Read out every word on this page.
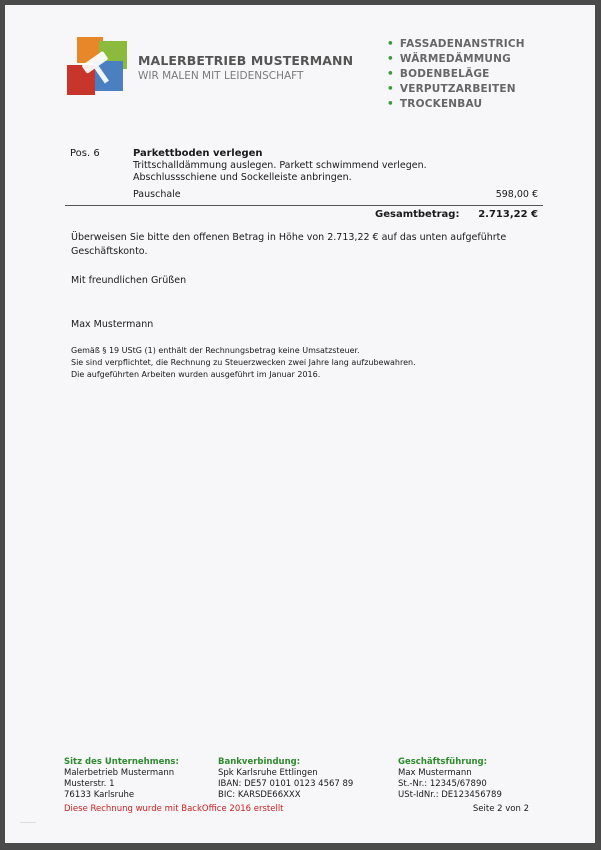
MALERBETRIEB MUSTERMANN
WIR MALEN MIT LEIDENSCHAFT
• FASSADENANSTRICH
• WÄRMEDÄMMUNG
• BODENBELÄGE
• VERPUTZARBEITEN
• TROCKENBAU
Pos. 6	Parkettboden verlegen
Trittschalldämmung auslegen. Parkett schwimmend verlegen.
Abschlussschiene und Sockelleiste anbringen.
Pauschale	598,00 €
Gesamtbetrag: 2.713,22 €
Überweisen Sie bitte den offenen Betrag in Höhe von 2.713,22 € auf das unten aufgeführte
Geschäftskonto.
Mit freundlichen Grüßen
Max Mustermann
Gemäß § 19 UStG (1) enthält der Rechnungsbetrag keine Umsatzsteuer.
Sie sind verpflichtet, die Rechnung zu Steuerzwecken zwei Jahre lang aufzubewahren.
Die aufgeführten Arbeiten wurden ausgeführt im Januar 2016.
Sitz des Unternehmens:
Malerbetrieb Mustermann
Musterstr. 1
76133 Karlsruhe
Bankverbindung:
Spk Karlsruhe Ettlingen
IBAN: DE57 0101 0123 4567 89
BIC: KARSDE66XXX
Geschäftsführung:
Max Mustermann
St.-Nr.: 12345/67890
USt-IdNr.: DE123456789
Diese Rechnung wurde mit BackOffice 2016 erstellt	Seite 2 von 2
